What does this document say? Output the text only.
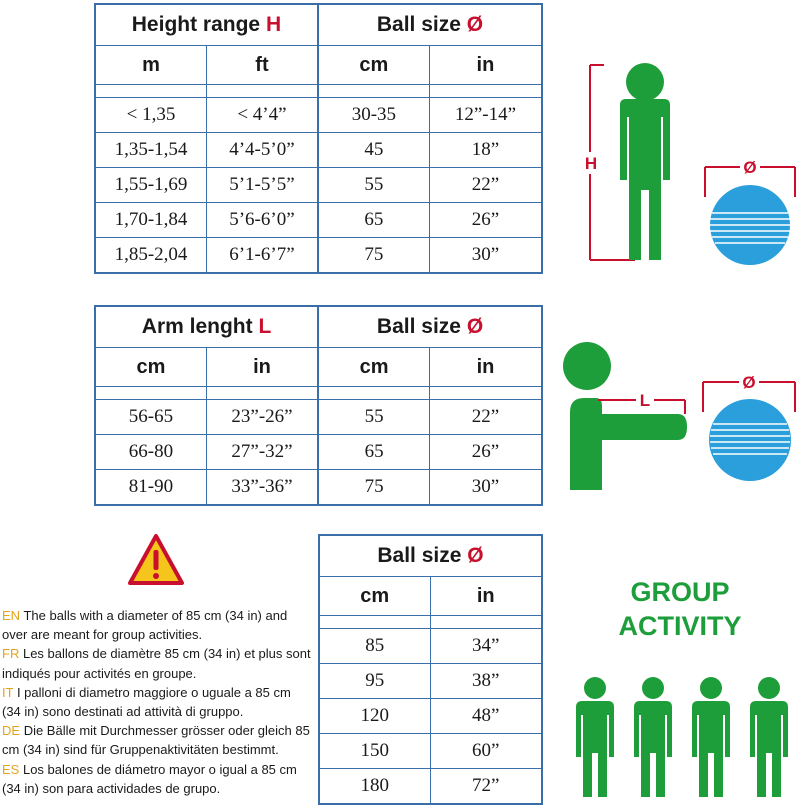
Height range H		Ball size Ø	
m	ft	cm	in

< 1,35	< 4’4”	30-35	12”-14”
1,35-1,54	4’4-5’0”	45	18”
1,55-1,69	5’1-5’5”	55	22”
1,70-1,84	5’6-6’0”	65	26”
1,85-2,04	6’1-6’7”	75	30”
Arm lenght L		Ball size Ø	
cm	in	cm	in

56-65	23”-26”	55	22”
66-80	27”-32”	65	26”
81-90	33”-36”	75	30”
Ball size Ø	
cm	in

85	34”
95	38”
120	48”
150	60”
180	72”
H	Ø
L
Ø
EN The balls with a diameter of 85 cm (34 in) and over are meant for group activities.
FR Les ballons de diamètre 85 cm (34 in) et plus sont indiqués pour activités en groupe.
IT I palloni di diametro maggiore o uguale a 85 cm (34 in) sono destinati ad attività di gruppo.
DE Die Bälle mit Durchmesser grösser oder gleich 85 cm (34 in) sind für Gruppenaktivitäten bestimmt.
ES Los balones de diámetro mayor o igual a 85 cm (34 in) son para actividades de grupo.
GROUP
ACTIVITY
